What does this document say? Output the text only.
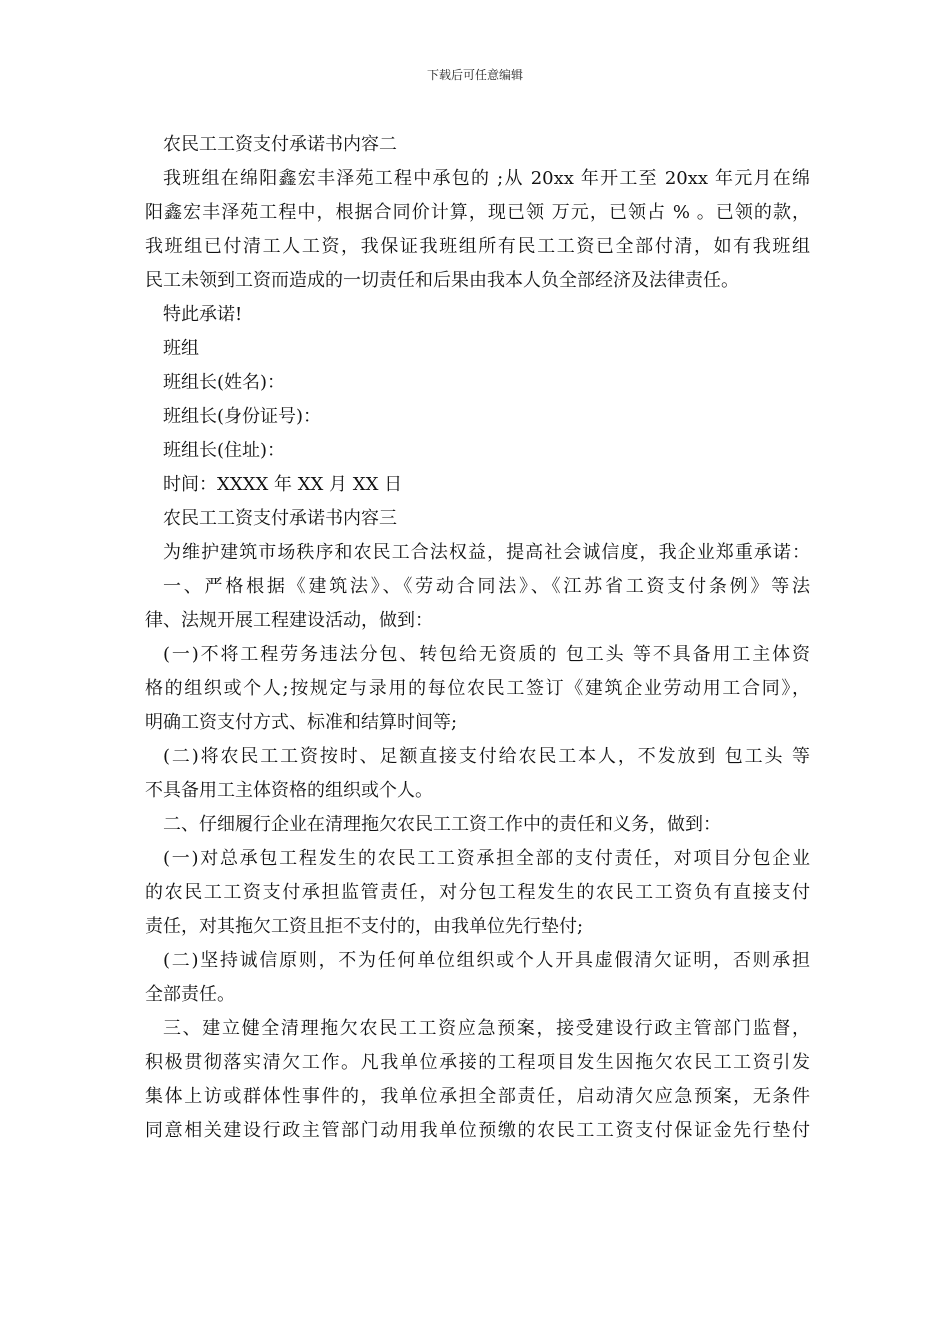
下载后可任意编辑
农民工工资支付承诺书内容二
我班组在绵阳鑫宏丰泽苑工程中承包的 ;从 20xx 年开工至 20xx 年元月在绵
阳鑫宏丰泽苑工程中，根据合同价计算，现已领 万元，已领占 % 。已领的款，
我班组已付清工人工资，我保证我班组所有民工工资已全部付清，如有我班组
民工未领到工资而造成的一切责任和后果由我本人负全部经济及法律责任。
特此承诺!
班组
班组长(姓名)：
班组长(身份证号)：
班组长(住址)：
时间：XXXX 年 XX 月 XX 日
农民工工资支付承诺书内容三
为维护建筑市场秩序和农民工合法权益，提高社会诚信度，我企业郑重承诺：
一、严格根据《建筑法》、《劳动合同法》、《江苏省工资支付条例》等法
律、法规开展工程建设活动，做到：
(一)不将工程劳务违法分包、转包给无资质的 包工头 等不具备用工主体资
格的组织或个人;按规定与录用的每位农民工签订《建筑企业劳动用工合同》，
明确工资支付方式、标准和结算时间等;
(二)将农民工工资按时、足额直接支付给农民工本人，不发放到 包工头 等
不具备用工主体资格的组织或个人。
二、仔细履行企业在清理拖欠农民工工资工作中的责任和义务，做到：
(一)对总承包工程发生的农民工工资承担全部的支付责任，对项目分包企业
的农民工工资支付承担监管责任，对分包工程发生的农民工工资负有直接支付
责任，对其拖欠工资且拒不支付的，由我单位先行垫付;
(二)坚持诚信原则，不为任何单位组织或个人开具虚假清欠证明，否则承担
全部责任。
三、建立健全清理拖欠农民工工资应急预案，接受建设行政主管部门监督，
积极贯彻落实清欠工作。凡我单位承接的工程项目发生因拖欠农民工工资引发
集体上访或群体性事件的，我单位承担全部责任，启动清欠应急预案，无条件
同意相关建设行政主管部门动用我单位预缴的农民工工资支付保证金先行垫付
